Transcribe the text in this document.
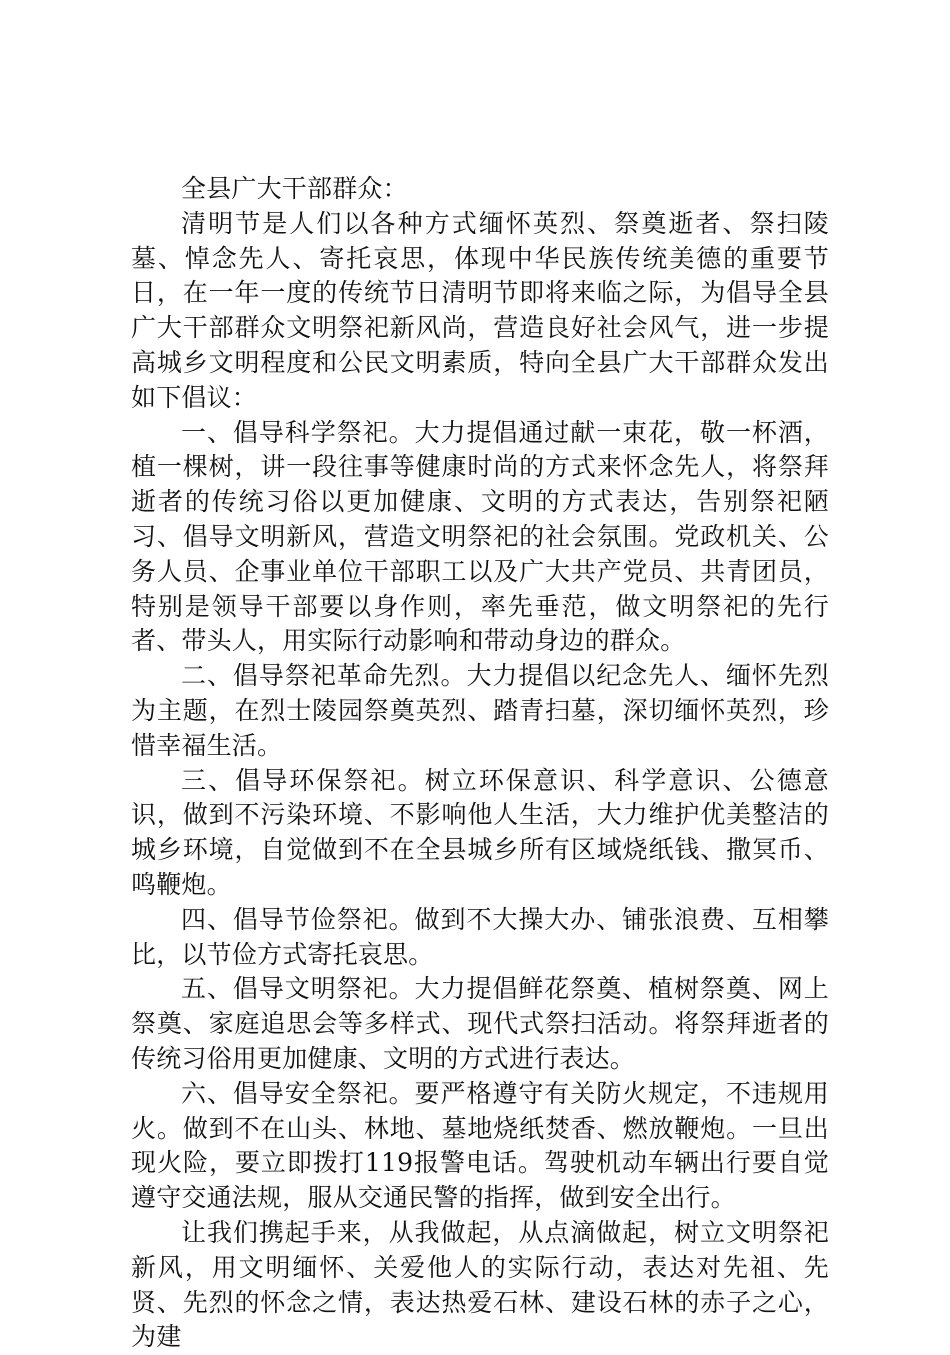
全县广大干部群众：

清明节是人们以各种方式缅怀英烈、祭奠逝者、祭扫陵墓、悼念先人、寄托哀思，体现中华民族传统美德的重要节日，在一年一度的传统节日清明节即将来临之际，为倡导全县广大干部群众文明祭祀新风尚，营造良好社会风气，进一步提高城乡文明程度和公民文明素质，特向全县广大干部群众发出如下倡议：

一、倡导科学祭祀。大力提倡通过献一束花，敬一杯酒，植一棵树，讲一段往事等健康时尚的方式来怀念先人，将祭拜逝者的传统习俗以更加健康、文明的方式表达，告别祭祀陋习、倡导文明新风，营造文明祭祀的社会氛围。党政机关、公务人员、企事业单位干部职工以及广大共产党员、共青团员，特别是领导干部要以身作则，率先垂范，做文明祭祀的先行者、带头人，用实际行动影响和带动身边的群众。

二、倡导祭祀革命先烈。大力提倡以纪念先人、缅怀先烈为主题，在烈士陵园祭奠英烈、踏青扫墓，深切缅怀英烈，珍惜幸福生活。

三、倡导环保祭祀。树立环保意识、科学意识、公德意识，做到不污染环境、不影响他人生活，大力维护优美整洁的城乡环境，自觉做到不在全县城乡所有区域烧纸钱、撒冥币、鸣鞭炮。

四、倡导节俭祭祀。做到不大操大办、铺张浪费、互相攀比，以节俭方式寄托哀思。

五、倡导文明祭祀。大力提倡鲜花祭奠、植树祭奠、网上祭奠、家庭追思会等多样式、现代式祭扫活动。将祭拜逝者的传统习俗用更加健康、文明的方式进行表达。

六、倡导安全祭祀。要严格遵守有关防火规定，不违规用火。做到不在山头、林地、墓地烧纸焚香、燃放鞭炮。一旦出现火险，要立即拨打119报警电话。驾驶机动车辆出行要自觉遵守交通法规，服从交通民警的指挥，做到安全出行。

让我们携起手来，从我做起，从点滴做起，树立文明祭祀新风，用文明缅怀、关爱他人的实际行动，表达对先祖、先贤、先烈的怀念之情，表达热爱石林、建设石林的赤子之心，为建
